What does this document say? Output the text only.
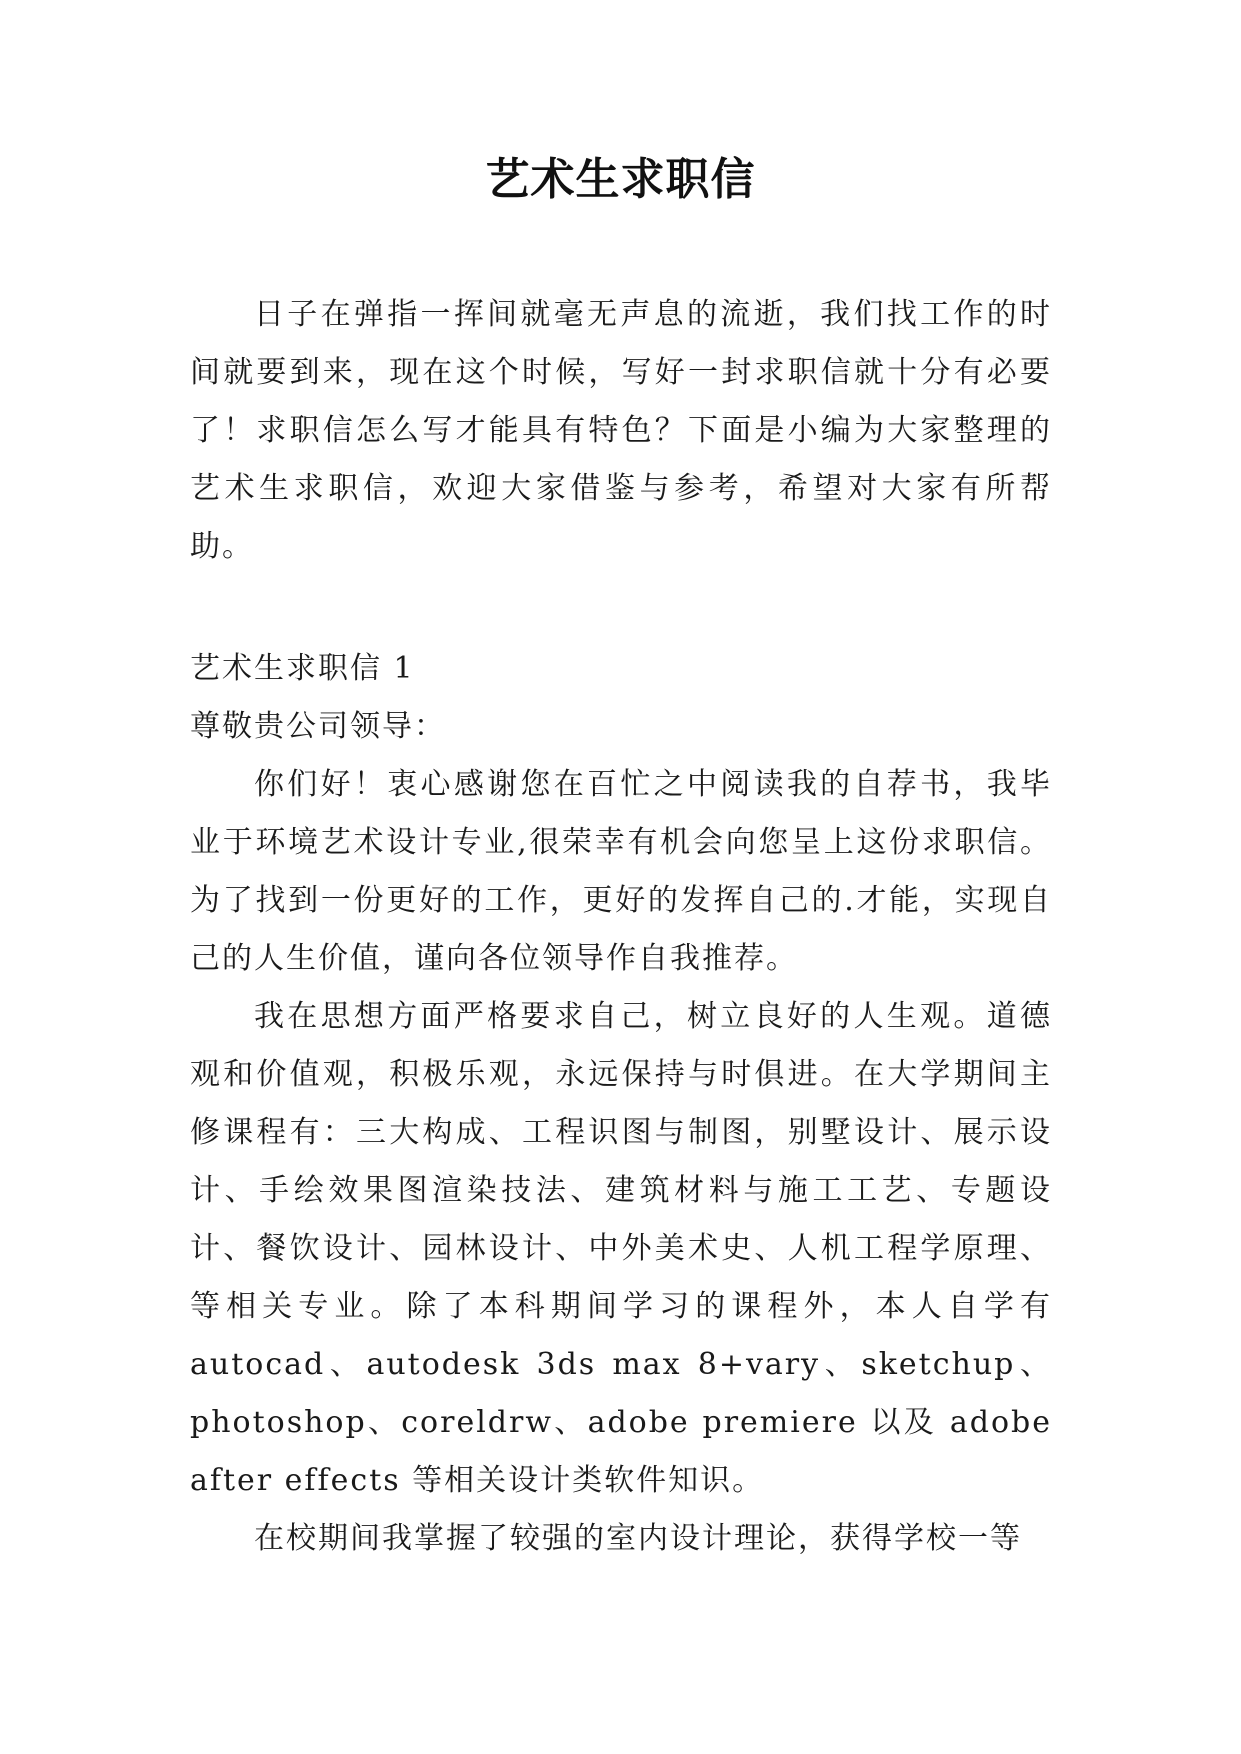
艺术生求职信

日子在弹指一挥间就毫无声息的流逝，我们找工作的时间就要到来，现在这个时候，写好一封求职信就十分有必要了！求职信怎么写才能具有特色？下面是小编为大家整理的艺术生求职信，欢迎大家借鉴与参考，希望对大家有所帮助。

艺术生求职信 1

尊敬贵公司领导：

你们好！衷心感谢您在百忙之中阅读我的自荐书，我毕业于环境艺术设计专业,很荣幸有机会向您呈上这份求职信。为了找到一份更好的工作，更好的发挥自己的.才能，实现自己的人生价值，谨向各位领导作自我推荐。

我在思想方面严格要求自己，树立良好的人生观。道德观和价值观，积极乐观，永远保持与时俱进。在大学期间主修课程有：三大构成、工程识图与制图，别墅设计、展示设计、手绘效果图渲染技法、建筑材料与施工工艺、专题设计、餐饮设计、园林设计、中外美术史、人机工程学原理、等相关专业。除了本科期间学习的课程外，本人自学有 autocad、autodesk 3ds max 8+vary、sketchup、photoshop、coreldrw、adobe premiere 以及 adobe after effects 等相关设计类软件知识。

在校期间我掌握了较强的室内设计理论，获得学校一等
